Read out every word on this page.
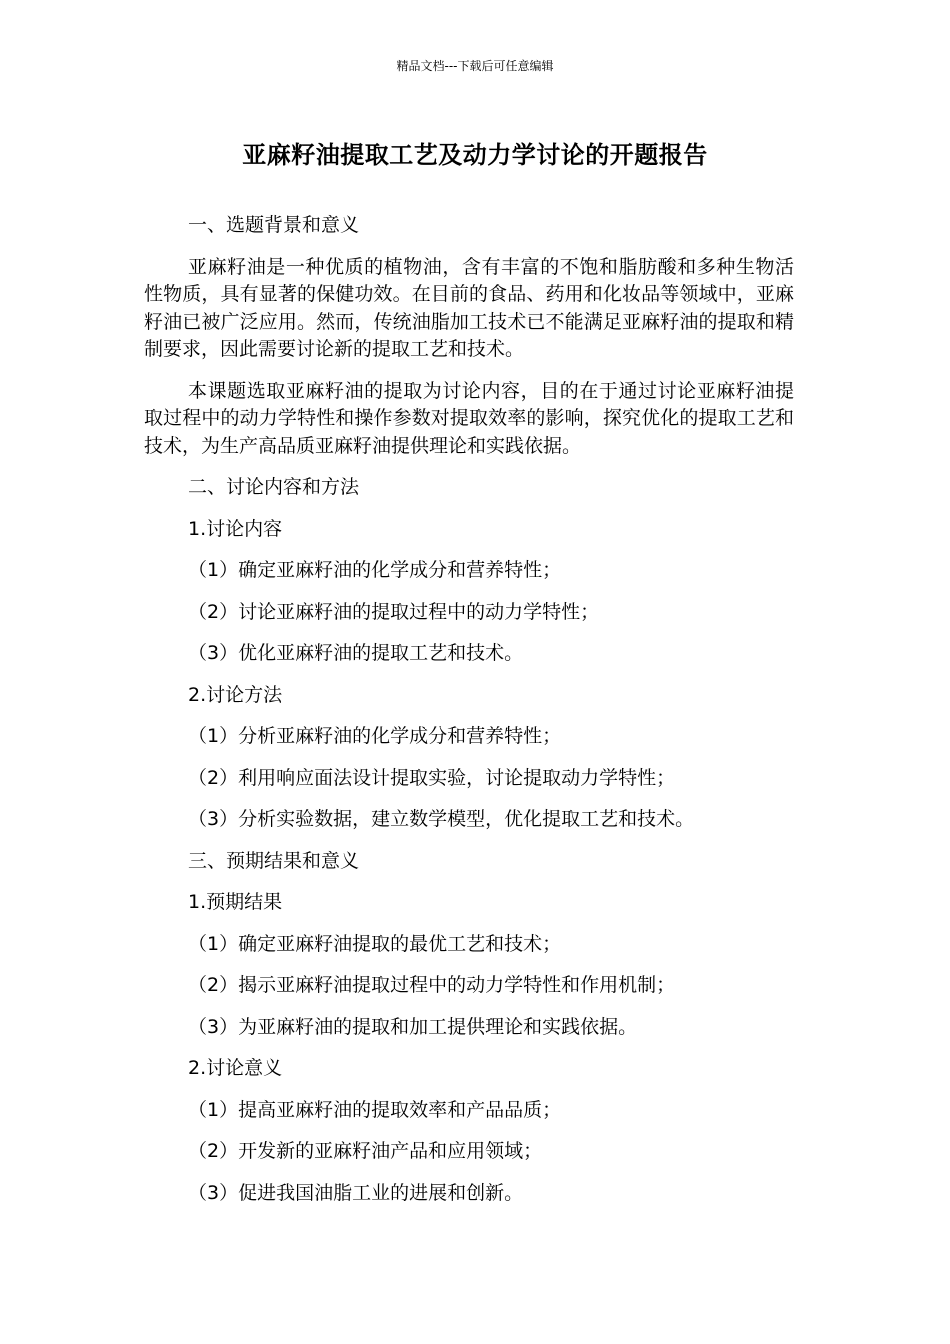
精品文档---下载后可任意编辑
亚麻籽油提取工艺及动力学讨论的开题报告
一、选题背景和意义
亚麻籽油是一种优质的植物油，含有丰富的不饱和脂肪酸和多种生物活性物质，具有显著的保健功效。在目前的食品、药用和化妆品等领域中，亚麻籽油已被广泛应用。然而，传统油脂加工技术已不能满足亚麻籽油的提取和精制要求，因此需要讨论新的提取工艺和技术。
本课题选取亚麻籽油的提取为讨论内容，目的在于通过讨论亚麻籽油提取过程中的动力学特性和操作参数对提取效率的影响，探究优化的提取工艺和技术，为生产高品质亚麻籽油提供理论和实践依据。
二、讨论内容和方法
1.讨论内容
（1）确定亚麻籽油的化学成分和营养特性；
（2）讨论亚麻籽油的提取过程中的动力学特性；
（3）优化亚麻籽油的提取工艺和技术。
2.讨论方法
（1）分析亚麻籽油的化学成分和营养特性；
（2）利用响应面法设计提取实验，讨论提取动力学特性；
（3）分析实验数据，建立数学模型，优化提取工艺和技术。
三、预期结果和意义
1.预期结果
（1）确定亚麻籽油提取的最优工艺和技术；
（2）揭示亚麻籽油提取过程中的动力学特性和作用机制；
（3）为亚麻籽油的提取和加工提供理论和实践依据。
2.讨论意义
（1）提高亚麻籽油的提取效率和产品品质；
（2）开发新的亚麻籽油产品和应用领域；
（3）促进我国油脂工业的进展和创新。
